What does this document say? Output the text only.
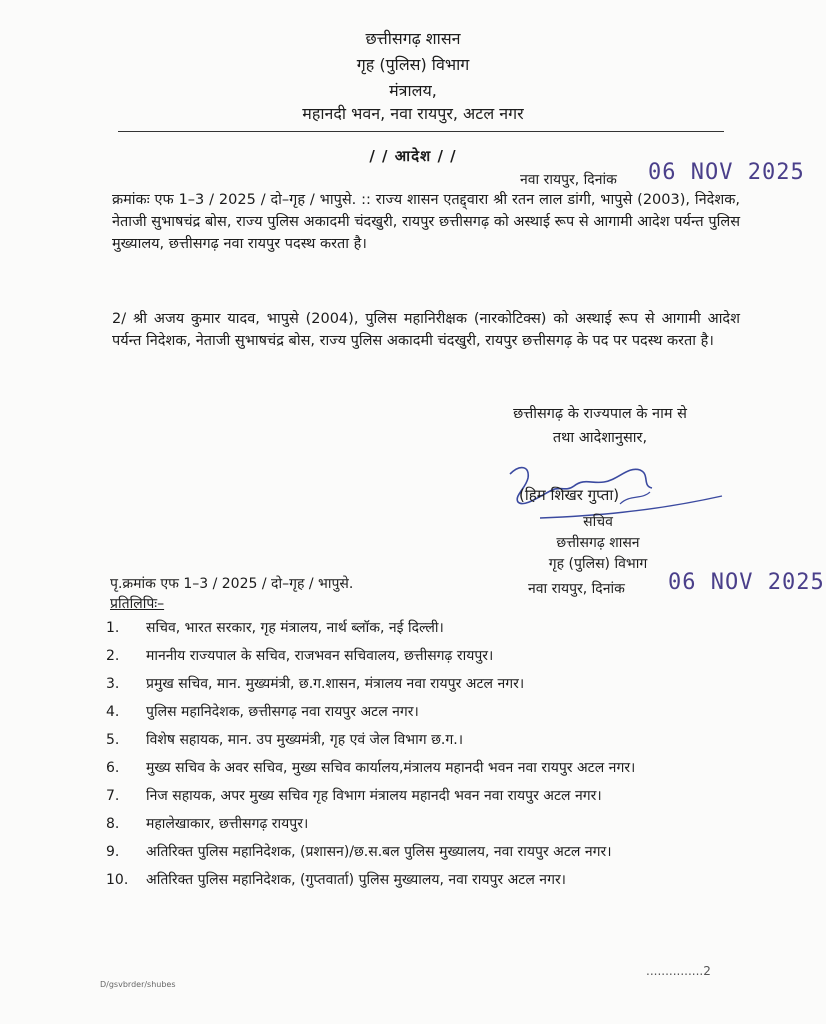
छत्तीसगढ़ शासन
गृह (पुलिस) विभाग
मंत्रालय,
महानदी भवन, नवा रायपुर, अटल नगर
/ / आदेश / /
नवा रायपुर, दिनांक 06 NOV 2025
क्रमांकः एफ 1–3 / 2025 / दो–गृह / भापुसे. :: राज्य शासन एतद्द्वारा श्री रतन लाल डांगी, भापुसे (2003), निदेशक, नेताजी सुभाषचंद्र बोस, राज्य पुलिस अकादमी चंदखुरी, रायपुर छत्तीसगढ़ को अस्थाई रूप से आगामी आदेश पर्यन्त पुलिस मुख्यालय, छत्तीसगढ़ नवा रायपुर पदस्थ करता है।
2/ श्री अजय कुमार यादव, भापुसे (2004), पुलिस महानिरीक्षक (नारकोटिक्स) को अस्थाई रूप से आगामी आदेश पर्यन्त निदेशक, नेताजी सुभाषचंद्र बोस, राज्य पुलिस अकादमी चंदखुरी, रायपुर छत्तीसगढ़ के पद पर पदस्थ करता है।
छत्तीसगढ़ के राज्यपाल के नाम से
तथा आदेशानुसार,
(हिम शिखर गुप्ता)
सचिव
छत्तीसगढ़ शासन
गृह (पुलिस) विभाग
नवा रायपुर, दिनांक 06 NOV 2025
पृ.क्रमांक एफ 1–3 / 2025 / दो–गृह / भापुसे.
प्रतिलिपिः–
1.	सचिव, भारत सरकार, गृह मंत्रालय, नार्थ ब्लॉक, नई दिल्ली।
2.	माननीय राज्यपाल के सचिव, राजभवन सचिवालय, छत्तीसगढ़ रायपुर।
3.	प्रमुख सचिव, मान. मुख्यमंत्री, छ.ग.शासन, मंत्रालय नवा रायपुर अटल नगर।
4.	पुलिस महानिदेशक, छत्तीसगढ़ नवा रायपुर अटल नगर।
5.	विशेष सहायक, मान. उप मुख्यमंत्री, गृह एवं जेल विभाग छ.ग.।
6.	मुख्य सचिव के अवर सचिव, मुख्य सचिव कार्यालय,मंत्रालय महानदी भवन नवा रायपुर अटल नगर।
7.	निज सहायक, अपर मुख्य सचिव गृह विभाग मंत्रालय महानदी भवन नवा रायपुर अटल नगर।
8.	महालेखाकार, छत्तीसगढ़ रायपुर।
9.	अतिरिक्त पुलिस महानिदेशक, (प्रशासन)/छ.स.बल पुलिस मुख्यालय, नवा रायपुर अटल नगर।
10.	अतिरिक्त पुलिस महानिदेशक, (गुप्तवार्ता) पुलिस मुख्यालय, नवा रायपुर अटल नगर।
D/gsvbrder/shubes
...............2
